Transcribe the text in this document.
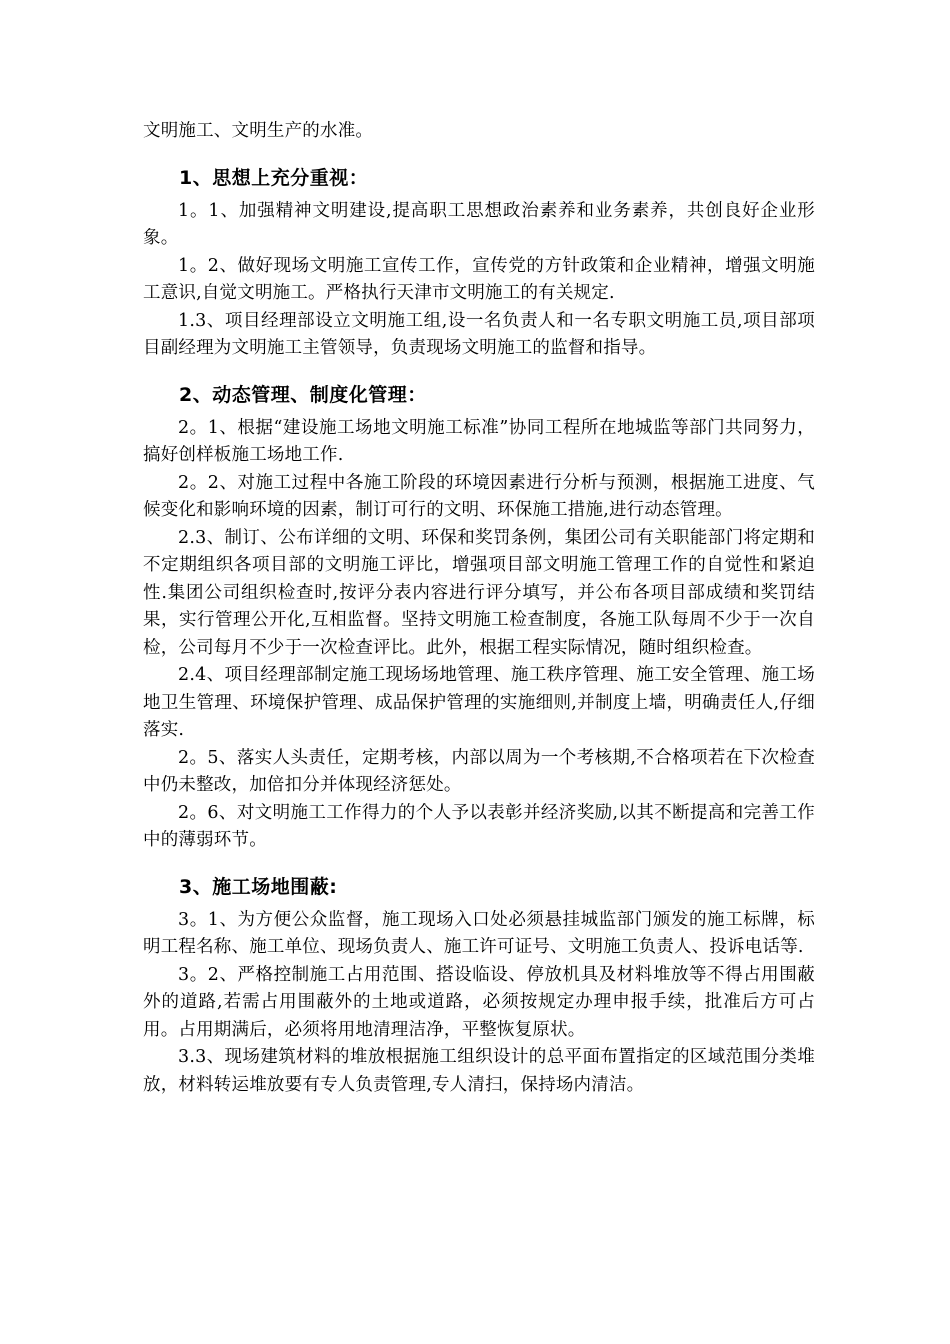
文明施工、文明生产的水准。

1、思想上充分重视：

1。1、加强精神文明建设,提高职工思想政治素养和业务素养，共创良好企业形象。

1。2、做好现场文明施工宣传工作，宣传党的方针政策和企业精神，增强文明施工意识,自觉文明施工。严格执行天津市文明施工的有关规定.

1.3、项目经理部设立文明施工组,设一名负责人和一名专职文明施工员,项目部项目副经理为文明施工主管领导，负责现场文明施工的监督和指导。

2、动态管理、制度化管理：

2。1、根据“建设施工场地文明施工标准”协同工程所在地城监等部门共同努力，搞好创样板施工场地工作.

2。2、对施工过程中各施工阶段的环境因素进行分析与预测，根据施工进度、气候变化和影响环境的因素，制订可行的文明、环保施工措施,进行动态管理。

2.3、制订、公布详细的文明、环保和奖罚条例，集团公司有关职能部门将定期和不定期组织各项目部的文明施工评比，增强项目部文明施工管理工作的自觉性和紧迫性.集团公司组织检查时,按评分表内容进行评分填写，并公布各项目部成绩和奖罚结果，实行管理公开化,互相监督。坚持文明施工检查制度，各施工队每周不少于一次自检，公司每月不少于一次检查评比。此外，根据工程实际情况，随时组织检查。

2.4、项目经理部制定施工现场场地管理、施工秩序管理、施工安全管理、施工场地卫生管理、环境保护管理、成品保护管理的实施细则,并制度上墙，明确责任人,仔细落实.

2。5、落实人头责任，定期考核，内部以周为一个考核期,不合格项若在下次检查中仍未整改，加倍扣分并体现经济惩处。

2。6、对文明施工工作得力的个人予以表彰并经济奖励,以其不断提高和完善工作中的薄弱环节。

3、施工场地围蔽:

3。1、为方便公众监督，施工现场入口处必须悬挂城监部门颁发的施工标牌，标明工程名称、施工单位、现场负责人、施工许可证号、文明施工负责人、投诉电话等.

3。2、严格控制施工占用范围、搭设临设、停放机具及材料堆放等不得占用围蔽外的道路,若需占用围蔽外的土地或道路，必须按规定办理申报手续，批准后方可占用。占用期满后，必须将用地清理洁净，平整恢复原状。

3.3、现场建筑材料的堆放根据施工组织设计的总平面布置指定的区域范围分类堆放，材料转运堆放要有专人负责管理,专人清扫，保持场内清洁。
